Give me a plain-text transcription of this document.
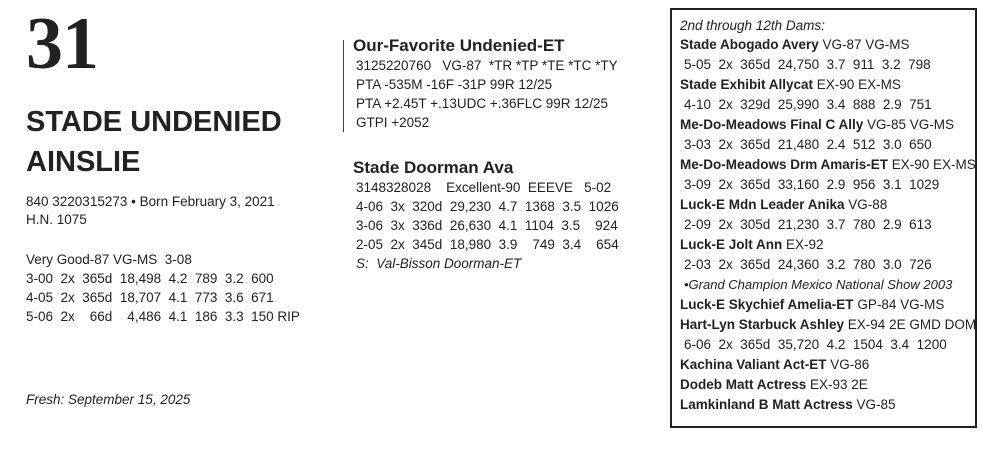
31
STADE UNDENIED
AINSLIE
840 3220315273 • Born February 3, 2021
H.N. 1075
Very Good-87 VG-MS  3-08
3-00  2x  365d  18,498  4.2  789  3.2  600
4-05  2x  365d  18,707  4.1  773  3.6  671
5-06  2x    66d    4,486  4.1  186  3.3  150 RIP
Fresh: September 15, 2025
Our-Favorite Undenied-ET
3125220760   VG-87  *TR *TP *TE *TC *TY
PTA -535M -16F -31P 99R 12/25
PTA +2.45T +.13UDC +.36FLC 99R 12/25
GTPI +2052
Stade Doorman Ava
3148328028    Excellent-90  EEEVE   5-02
4-06  3x  320d  29,230  4.7  1368  3.5  1026
3-06  3x  336d  26,630  4.1  1104  3.5    924
2-05  2x  345d  18,980  3.9    749  3.4    654
S:  Val-Bisson Doorman-ET
2nd through 12th Dams:
Stade Abogado Avery VG-87 VG-MS
5-05  2x  365d  24,750  3.7  911  3.2  798
Stade Exhibit Allycat EX-90 EX-MS
4-10  2x  329d  25,990  3.4  888  2.9  751
Me-Do-Meadows Final C Ally VG-85 VG-MS
3-03  2x  365d  21,480  2.4  512  3.0  650
Me-Do-Meadows Drm Amaris-ET EX-90 EX-MS
3-09  2x  365d  33,160  2.9  956  3.1  1029
Luck-E Mdn Leader Anika VG-88
2-09  2x  305d  21,230  3.7  780  2.9  613
Luck-E Jolt Ann EX-92
2-03  2x  365d  24,360  3.2  780  3.0  726
•Grand Champion Mexico National Show 2003
Luck-E Skychief Amelia-ET GP-84 VG-MS
Hart-Lyn Starbuck Ashley EX-94 2E GMD DOM
6-06  2x  365d  35,720  4.2  1504  3.4  1200
Kachina Valiant Act-ET VG-86
Dodeb Matt Actress EX-93 2E
Lamkinland B Matt Actress VG-85
